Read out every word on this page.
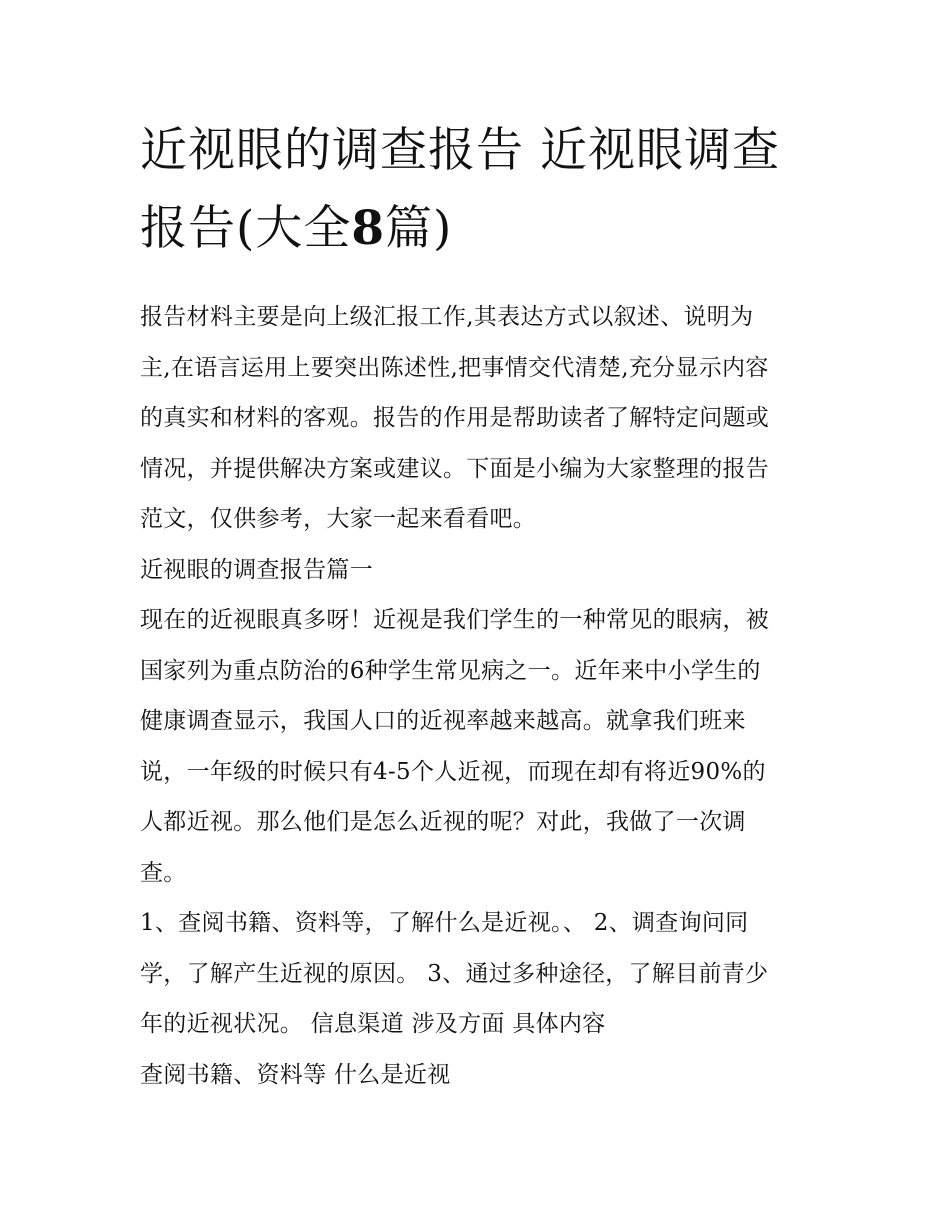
近视眼的调查报告 近视眼调查
报告(大全8篇)

报告材料主要是向上级汇报工作,其表达方式以叙述、说明为
主,在语言运用上要突出陈述性,把事情交代清楚,充分显示内容
的真实和材料的客观。报告的作用是帮助读者了解特定问题或
情况，并提供解决方案或建议。下面是小编为大家整理的报告
范文，仅供参考，大家一起来看看吧。

近视眼的调查报告篇一

现在的近视眼真多呀！近视是我们学生的一种常见的眼病，被
国家列为重点防治的6种学生常见病之一。近年来中小学生的
健康调查显示，我国人口的近视率越来越高。就拿我们班来
说，一年级的时候只有4-5个人近视，而现在却有将近90%的
人都近视。那么他们是怎么近视的呢？对此，我做了一次调
查。

1、查阅书籍、资料等，了解什么是近视。、 2、调查询问同
学，了解产生近视的原因。 3、通过多种途径，了解目前青少
年的近视状况。 信息渠道 涉及方面 具体内容

查阅书籍、资料等 什么是近视
